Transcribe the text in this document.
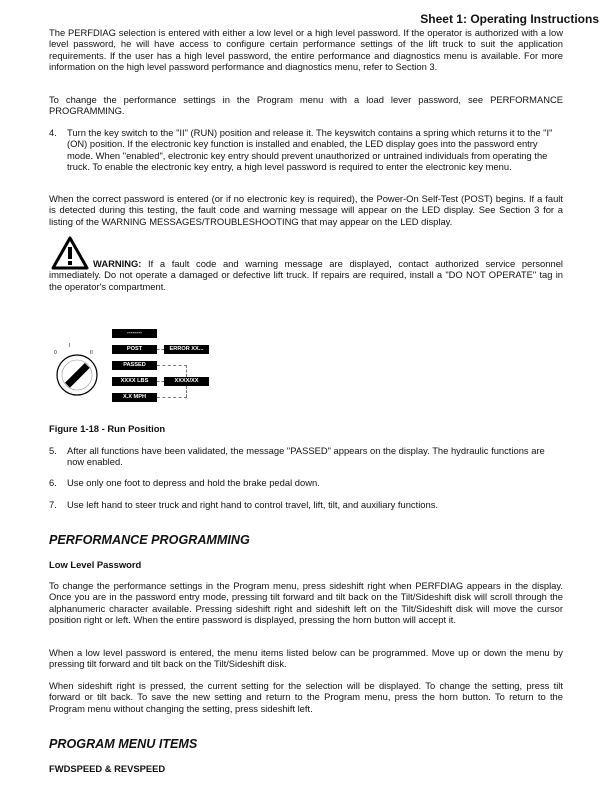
Sheet 1: Operating Instructions

The PERFDIAG selection is entered with either a low level or a high level password. If the operator is authorized with a low level password, he will have access to configure certain performance settings of the lift truck to suit the application requirements. If the user has a high level password, the entire performance and diagnostics menu is available. For more information on the high level password performance and diagnostics menu, refer to Section 3.

To change the performance settings in the Program menu with a load lever password, see PERFORMANCE PROGRAMMING.

4. Turn the key switch to the "II" (RUN) position and release it. The keyswitch contains a spring which returns it to the "I" (ON) position. If the electronic key function is installed and enabled, the LED display goes into the password entry mode. When "enabled", electronic key entry should prevent unauthorized or untrained individuals from operating the truck. To enable the electronic key entry, a high level password is required to enter the electronic key menu.

When the correct password is entered (or if no electronic key is required), the Power-On Self-Test (POST) begins. If a fault is detected during this testing, the fault code and warning message will appear on the LED display. See Section 3 for a listing of the WARNING MESSAGES/TROUBLESHOOTING that may appear on the LED display.

WARNING: If a fault code and warning message are displayed, contact authorized service personnel immediately. Do not operate a damaged or defective lift truck. If repairs are required, install a "DO NOT OPERATE" tag in the operator's compartment.

0
I
II
--------
POST	ERROR XX...
PASSED
XXXX LBS	XXXX/XX
X.X MPH
Figure 1-18 - Run Position
5. After all functions have been validated, the message "PASSED" appears on the display. The hydraulic functions are now enabled.
6. Use only one foot to depress and hold the brake pedal down.
7. Use left hand to steer truck and right hand to control travel, lift, tilt, and auxiliary functions.
PERFORMANCE PROGRAMMING
Low Level Password

To change the performance settings in the Program menu, press sideshift right when PERFDIAG appears in the display. Once you are in the password entry mode, pressing tilt forward and tilt back on the Tilt/Sideshift disk will scroll through the alphanumeric character available. Pressing sideshift right and sideshift left on the Tilt/Sideshift disk will move the cursor position right or left. When the entire password is displayed, pressing the horn button will accept it.

When a low level password is entered, the menu items listed below can be programmed. Move up or down the menu by pressing tilt forward and tilt back on the Tilt/Sideshift disk.

When sideshift right is pressed, the current setting for the selection will be displayed. To change the setting, press tilt forward or tilt back. To save the new setting and return to the Program menu, press the horn button. To return to the Program menu without changing the setting, press sideshift left.

PROGRAM MENU ITEMS
FWDSPEED & REVSPEED
